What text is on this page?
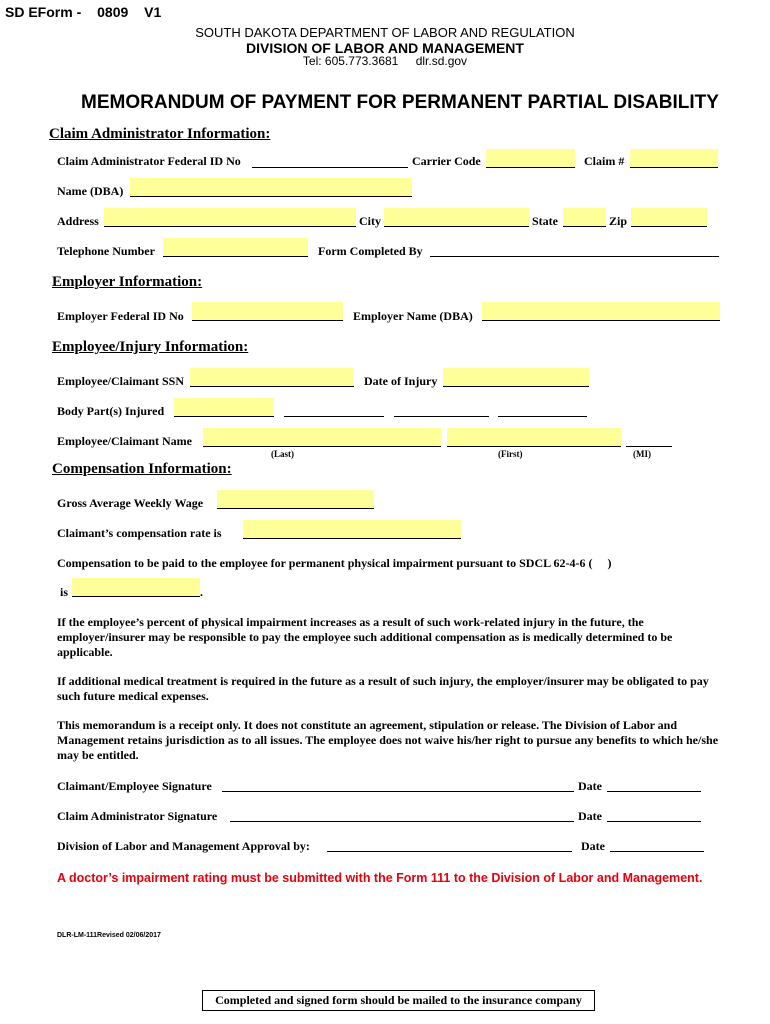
SD EForm - 0809 V1
SOUTH DAKOTA DEPARTMENT OF LABOR AND REGULATION
DIVISION OF LABOR AND MANAGEMENT
Tel: 605.773.3681 dlr.sd.gov
MEMORANDUM OF PAYMENT FOR PERMANENT PARTIAL DISABILITY
Claim Administrator Information:
Claim Administrator Federal ID No	Carrier Code	Claim #
Name (DBA)
Address	City	State	Zip
Telephone Number	Form Completed By
Employer Information:
Employer Federal ID No	Employer Name (DBA)
Employee/Injury Information:
Employee/Claimant SSN	Date of Injury
Body Part(s) Injured
Employee/Claimant Name
(Last)	(First)	(MI)
Compensation Information:
Gross Average Weekly Wage
Claimant’s compensation rate is
Compensation to be paid to the employee for permanent physical impairment pursuant to SDCL 62-4-6 (     )
is	.
If the employee’s percent of physical impairment increases as a result of such work-related injury in the future, the employer/insurer may be responsible to pay the employee such additional compensation as is medically determined to be applicable.
If additional medical treatment is required in the future as a result of such injury, the employer/insurer may be obligated to pay such future medical expenses.
This memorandum is a receipt only. It does not constitute an agreement, stipulation or release. The Division of Labor and Management retains jurisdiction as to all issues. The employee does not waive his/her right to pursue any benefits to which he/she may be entitled.
Claimant/Employee Signature	Date
Claim Administrator Signature	Date
Division of Labor and Management Approval by:	Date
A doctor’s impairment rating must be submitted with the Form 111 to the Division of Labor and Management.
DLR-LM-111Revised 02/06/2017
Completed and signed form should be mailed to the insurance company
